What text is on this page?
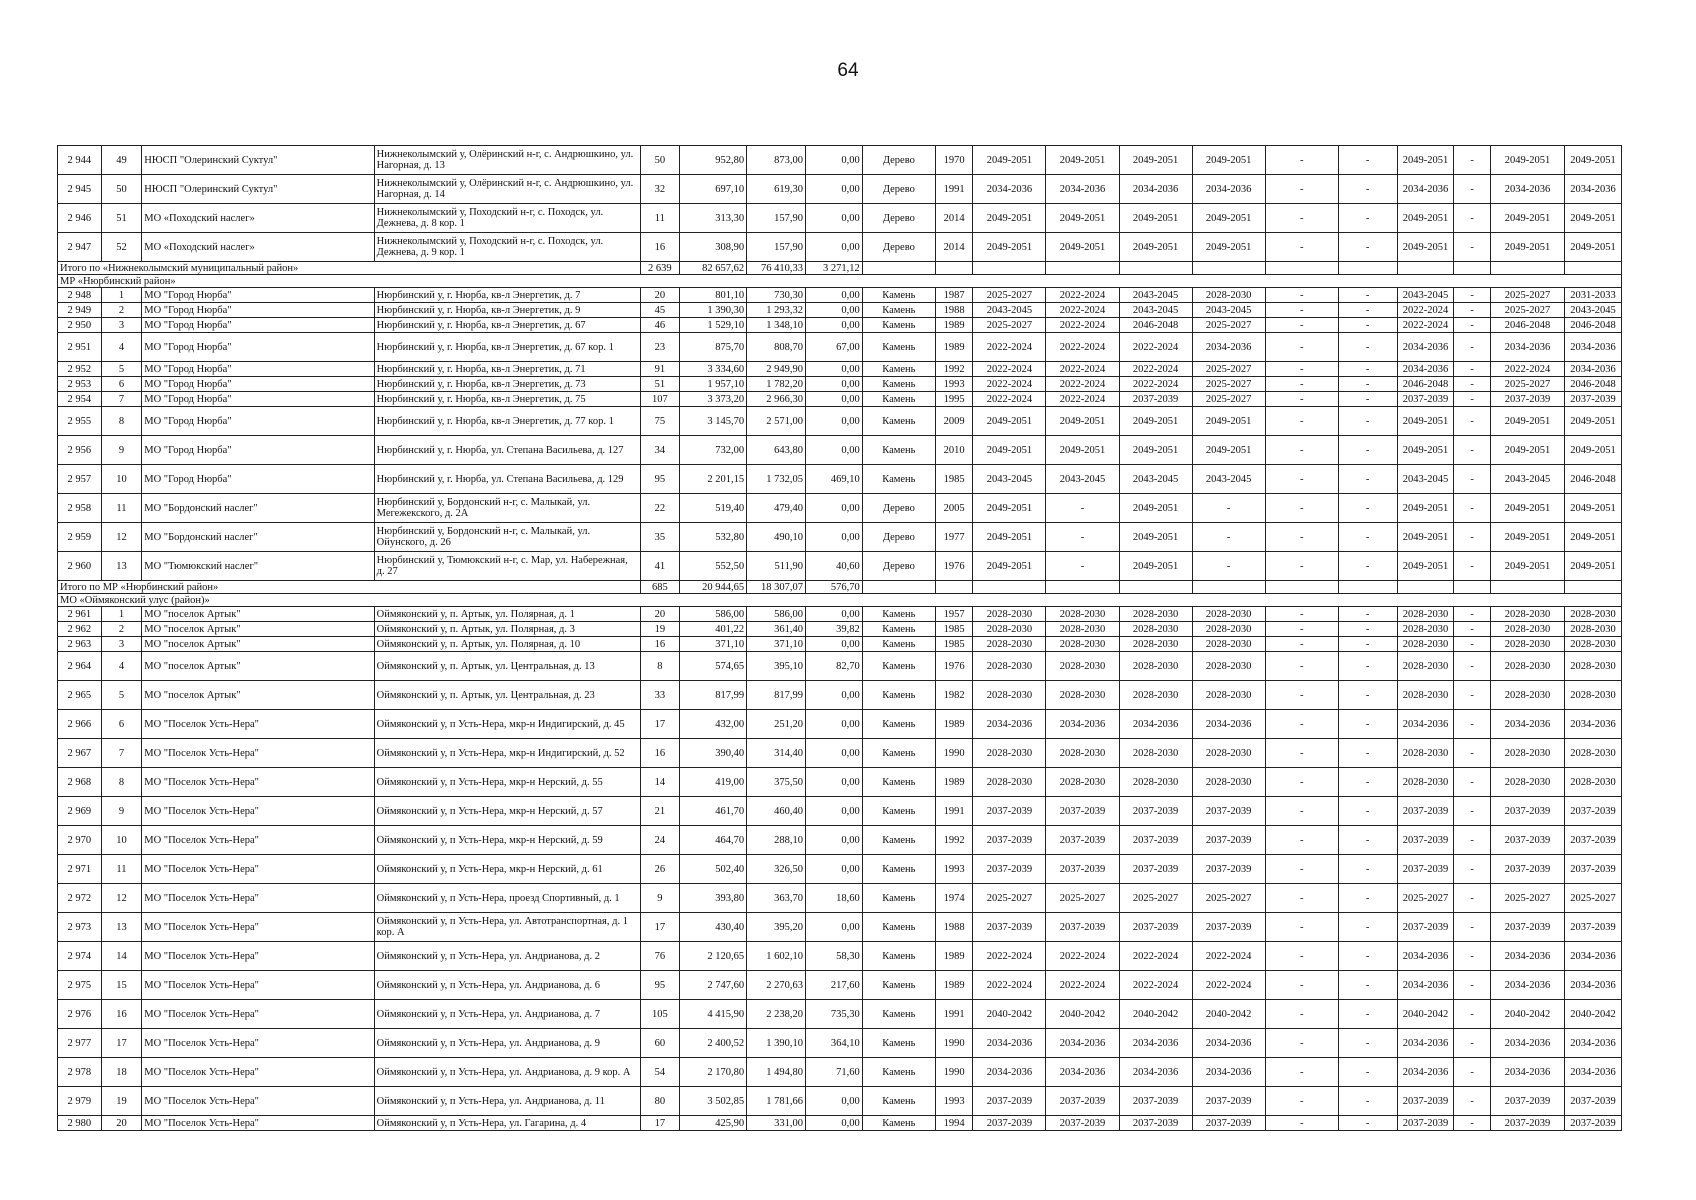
64
2 944	49	НЮСП "Олеринский Суктул"	Нижнеколымский у, Олёринский н-г, с. Андрюшкино, ул. Нагорная, д. 13	50	952,80	873,00	0,00	Дерево	1970	2049-2051	2049-2051	2049-2051	2049-2051	-	-	2049-2051	-	2049-2051	2049-2051
2 945	50	НЮСП "Олеринский Суктул"	Нижнеколымский у, Олёринский н-г, с. Андрюшкино, ул. Нагорная, д. 14	32	697,10	619,30	0,00	Дерево	1991	2034-2036	2034-2036	2034-2036	2034-2036	-	-	2034-2036	-	2034-2036	2034-2036
2 946	51	МО «Походский наслег»	Нижнеколымский у, Походский н-г, с. Походск, ул. Дежнева, д. 8 кор. 1	11	313,30	157,90	0,00	Дерево	2014	2049-2051	2049-2051	2049-2051	2049-2051	-	-	2049-2051	-	2049-2051	2049-2051
2 947	52	МО «Походский наслег»	Нижнеколымский у, Походский н-г, с. Походск, ул. Дежнева, д. 9 кор. 1	16	308,90	157,90	0,00	Дерево	2014	2049-2051	2049-2051	2049-2051	2049-2051	-	-	2049-2051	-	2049-2051	2049-2051
Итого по «Нижнеколымский муниципальный район»				2 639	82 657,62	76 410,33	3 271,12												
МР «Нюрбинский район»																			
2 948	1	МО "Город Нюрба"	Нюрбинский у, г. Нюрба, кв-л Энергетик, д. 7	20	801,10	730,30	0,00	Камень	1987	2025-2027	2022-2024	2043-2045	2028-2030	-	-	2043-2045	-	2025-2027	2031-2033
2 949	2	МО "Город Нюрба"	Нюрбинский у, г. Нюрба, кв-л Энергетик, д. 9	45	1 390,30	1 293,32	0,00	Камень	1988	2043-2045	2022-2024	2043-2045	2043-2045	-	-	2022-2024	-	2025-2027	2043-2045
2 950	3	МО "Город Нюрба"	Нюрбинский у, г. Нюрба, кв-л Энергетик, д. 67	46	1 529,10	1 348,10	0,00	Камень	1989	2025-2027	2022-2024	2046-2048	2025-2027	-	-	2022-2024	-	2046-2048	2046-2048
2 951	4	МО "Город Нюрба"	Нюрбинский у, г. Нюрба, кв-л Энергетик, д. 67 кор. 1	23	875,70	808,70	67,00	Камень	1989	2022-2024	2022-2024	2022-2024	2034-2036	-	-	2034-2036	-	2034-2036	2034-2036
2 952	5	МО "Город Нюрба"	Нюрбинский у, г. Нюрба, кв-л Энергетик, д. 71	91	3 334,60	2 949,90	0,00	Камень	1992	2022-2024	2022-2024	2022-2024	2025-2027	-	-	2034-2036	-	2022-2024	2034-2036
2 953	6	МО "Город Нюрба"	Нюрбинский у, г. Нюрба, кв-л Энергетик, д. 73	51	1 957,10	1 782,20	0,00	Камень	1993	2022-2024	2022-2024	2022-2024	2025-2027	-	-	2046-2048	-	2025-2027	2046-2048
2 954	7	МО "Город Нюрба"	Нюрбинский у, г. Нюрба, кв-л Энергетик, д. 75	107	3 373,20	2 966,30	0,00	Камень	1995	2022-2024	2022-2024	2037-2039	2025-2027	-	-	2037-2039	-	2037-2039	2037-2039
2 955	8	МО "Город Нюрба"	Нюрбинский у, г. Нюрба, кв-л Энергетик, д. 77 кор. 1	75	3 145,70	2 571,00	0,00	Камень	2009	2049-2051	2049-2051	2049-2051	2049-2051	-	-	2049-2051	-	2049-2051	2049-2051
2 956	9	МО "Город Нюрба"	Нюрбинский у, г. Нюрба, ул. Степана Васильева, д. 127	34	732,00	643,80	0,00	Камень	2010	2049-2051	2049-2051	2049-2051	2049-2051	-	-	2049-2051	-	2049-2051	2049-2051
2 957	10	МО "Город Нюрба"	Нюрбинский у, г. Нюрба, ул. Степана Васильева, д. 129	95	2 201,15	1 732,05	469,10	Камень	1985	2043-2045	2043-2045	2043-2045	2043-2045	-	-	2043-2045	-	2043-2045	2046-2048
2 958	11	МО "Бордонский наслег"	Нюрбинский у, Бордонский н-г, с. Малыкай, ул. Мегежекского, д. 2А	22	519,40	479,40	0,00	Дерево	2005	2049-2051	-	2049-2051	-	-	-	2049-2051	-	2049-2051	2049-2051
2 959	12	МО "Бордонский наслег"	Нюрбинский у, Бордонский н-г, с. Малыкай, ул. Ойунского, д. 26	35	532,80	490,10	0,00	Дерево	1977	2049-2051	-	2049-2051	-	-	-	2049-2051	-	2049-2051	2049-2051
2 960	13	МО "Тюмюкский наслег"	Нюрбинский у, Тюмюкский н-г, с. Мар, ул. Набережная, д. 27	41	552,50	511,90	40,60	Дерево	1976	2049-2051	-	2049-2051	-	-	-	2049-2051	-	2049-2051	2049-2051
Итого по МР «Нюрбинский район»				685	20 944,65	18 307,07	576,70												
МО «Оймяконский улус (район)»																			
2 961	1	МО "поселок Артык"	Оймяконский у, п. Артык, ул. Полярная, д. 1	20	586,00	586,00	0,00	Камень	1957	2028-2030	2028-2030	2028-2030	2028-2030	-	-	2028-2030	-	2028-2030	2028-2030
2 962	2	МО "поселок Артык"	Оймяконский у, п. Артык, ул. Полярная, д. 3	19	401,22	361,40	39,82	Камень	1985	2028-2030	2028-2030	2028-2030	2028-2030	-	-	2028-2030	-	2028-2030	2028-2030
2 963	3	МО "поселок Артык"	Оймяконский у, п. Артык, ул. Полярная, д. 10	16	371,10	371,10	0,00	Камень	1985	2028-2030	2028-2030	2028-2030	2028-2030	-	-	2028-2030	-	2028-2030	2028-2030
2 964	4	МО "поселок Артык"	Оймяконский у, п. Артык, ул. Центральная, д. 13	8	574,65	395,10	82,70	Камень	1976	2028-2030	2028-2030	2028-2030	2028-2030	-	-	2028-2030	-	2028-2030	2028-2030
2 965	5	МО "поселок Артык"	Оймяконский у, п. Артык, ул. Центральная, д. 23	33	817,99	817,99	0,00	Камень	1982	2028-2030	2028-2030	2028-2030	2028-2030	-	-	2028-2030	-	2028-2030	2028-2030
2 966	6	МО "Поселок Усть-Нера"	Оймяконский у, п Усть-Нера, мкр-н Индигирский, д. 45	17	432,00	251,20	0,00	Камень	1989	2034-2036	2034-2036	2034-2036	2034-2036	-	-	2034-2036	-	2034-2036	2034-2036
2 967	7	МО "Поселок Усть-Нера"	Оймяконский у, п Усть-Нера, мкр-н Индигирский, д. 52	16	390,40	314,40	0,00	Камень	1990	2028-2030	2028-2030	2028-2030	2028-2030	-	-	2028-2030	-	2028-2030	2028-2030
2 968	8	МО "Поселок Усть-Нера"	Оймяконский у, п Усть-Нера, мкр-н Нерский, д. 55	14	419,00	375,50	0,00	Камень	1989	2028-2030	2028-2030	2028-2030	2028-2030	-	-	2028-2030	-	2028-2030	2028-2030
2 969	9	МО "Поселок Усть-Нера"	Оймяконский у, п Усть-Нера, мкр-н Нерский, д. 57	21	461,70	460,40	0,00	Камень	1991	2037-2039	2037-2039	2037-2039	2037-2039	-	-	2037-2039	-	2037-2039	2037-2039
2 970	10	МО "Поселок Усть-Нера"	Оймяконский у, п Усть-Нера, мкр-н Нерский, д. 59	24	464,70	288,10	0,00	Камень	1992	2037-2039	2037-2039	2037-2039	2037-2039	-	-	2037-2039	-	2037-2039	2037-2039
2 971	11	МО "Поселок Усть-Нера"	Оймяконский у, п Усть-Нера, мкр-н Нерский, д. 61	26	502,40	326,50	0,00	Камень	1993	2037-2039	2037-2039	2037-2039	2037-2039	-	-	2037-2039	-	2037-2039	2037-2039
2 972	12	МО "Поселок Усть-Нера"	Оймяконский у, п Усть-Нера, проезд Спортивный, д. 1	9	393,80	363,70	18,60	Камень	1974	2025-2027	2025-2027	2025-2027	2025-2027	-	-	2025-2027	-	2025-2027	2025-2027
2 973	13	МО "Поселок Усть-Нера"	Оймяконский у, п Усть-Нера, ул. Автотранспортная, д. 1 кор. А	17	430,40	395,20	0,00	Камень	1988	2037-2039	2037-2039	2037-2039	2037-2039	-	-	2037-2039	-	2037-2039	2037-2039
2 974	14	МО "Поселок Усть-Нера"	Оймяконский у, п Усть-Нера, ул. Андрианова, д. 2	76	2 120,65	1 602,10	58,30	Камень	1989	2022-2024	2022-2024	2022-2024	2022-2024	-	-	2034-2036	-	2034-2036	2034-2036
2 975	15	МО "Поселок Усть-Нера"	Оймяконский у, п Усть-Нера, ул. Андрианова, д. 6	95	2 747,60	2 270,63	217,60	Камень	1989	2022-2024	2022-2024	2022-2024	2022-2024	-	-	2034-2036	-	2034-2036	2034-2036
2 976	16	МО "Поселок Усть-Нера"	Оймяконский у, п Усть-Нера, ул. Андрианова, д. 7	105	4 415,90	2 238,20	735,30	Камень	1991	2040-2042	2040-2042	2040-2042	2040-2042	-	-	2040-2042	-	2040-2042	2040-2042
2 977	17	МО "Поселок Усть-Нера"	Оймяконский у, п Усть-Нера, ул. Андрианова, д. 9	60	2 400,52	1 390,10	364,10	Камень	1990	2034-2036	2034-2036	2034-2036	2034-2036	-	-	2034-2036	-	2034-2036	2034-2036
2 978	18	МО "Поселок Усть-Нера"	Оймяконский у, п Усть-Нера, ул. Андрианова, д. 9 кор. А	54	2 170,80	1 494,80	71,60	Камень	1990	2034-2036	2034-2036	2034-2036	2034-2036	-	-	2034-2036	-	2034-2036	2034-2036
2 979	19	МО "Поселок Усть-Нера"	Оймяконский у, п Усть-Нера, ул. Андрианова, д. 11	80	3 502,85	1 781,66	0,00	Камень	1993	2037-2039	2037-2039	2037-2039	2037-2039	-	-	2037-2039	-	2037-2039	2037-2039
2 980	20	МО "Поселок Усть-Нера"	Оймяконский у, п Усть-Нера, ул. Гагарина, д. 4	17	425,90	331,00	0,00	Камень	1994	2037-2039	2037-2039	2037-2039	2037-2039	-	-	2037-2039	-	2037-2039	2037-2039
